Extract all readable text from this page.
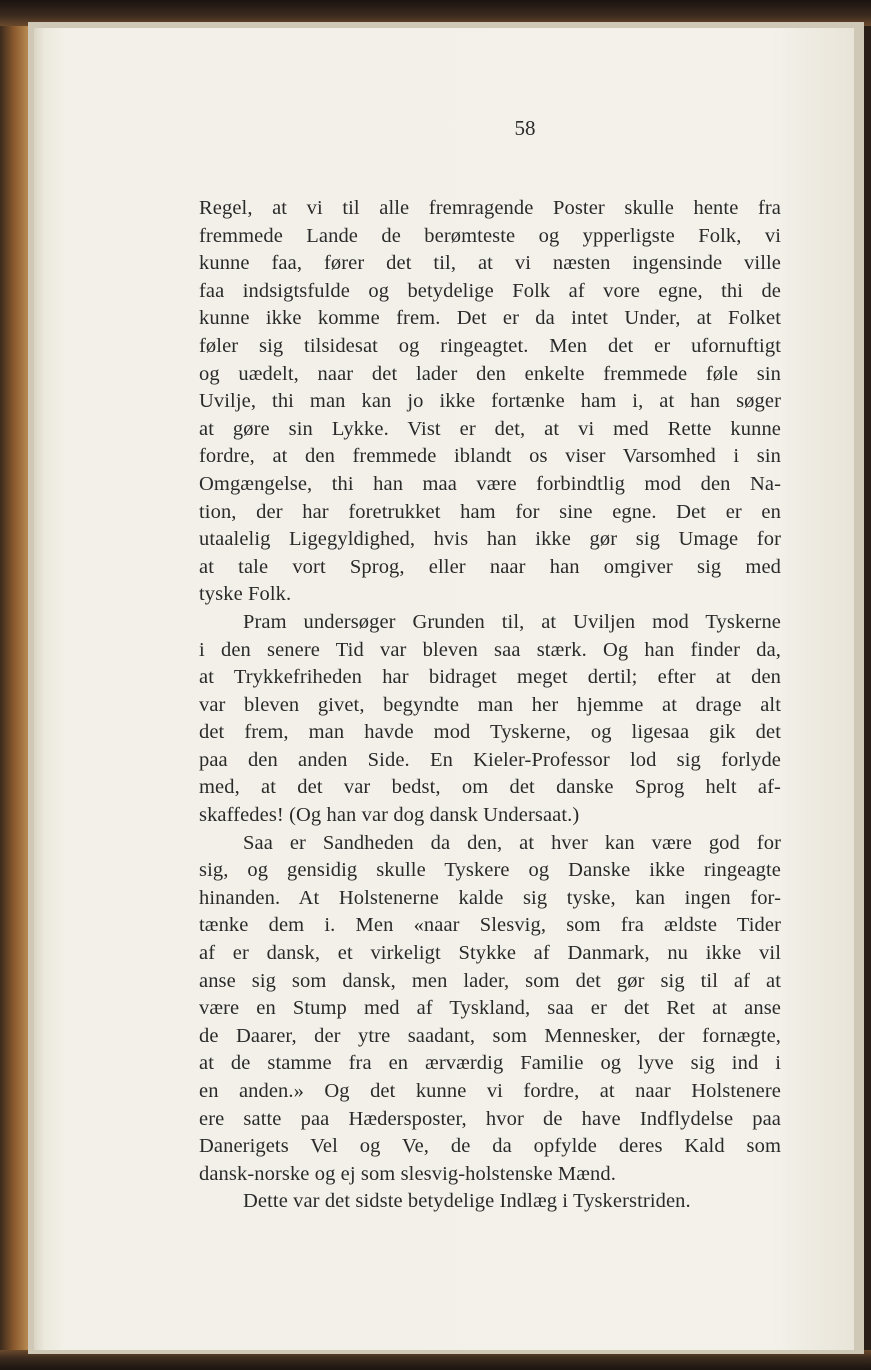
58
Regel, at vi til alle fremragende Poster skulle hente fra
fremmede Lande de berømteste og ypperligste Folk, vi
kunne faa, fører det til, at vi næsten ingensinde ville
faa indsigtsfulde og betydelige Folk af vore egne, thi de
kunne ikke komme frem. Det er da intet Under, at Folket
føler sig tilsidesat og ringeagtet. Men det er ufornuftigt
og uædelt, naar det lader den enkelte fremmede føle sin
Uvilje, thi man kan jo ikke fortænke ham i, at han søger
at gøre sin Lykke. Vist er det, at vi med Rette kunne
fordre, at den fremmede iblandt os viser Varsomhed i sin
Omgængelse, thi han maa være forbindtlig mod den Na-
tion, der har foretrukket ham for sine egne. Det er en
utaalelig Ligegyldighed, hvis han ikke gør sig Umage for
at tale vort Sprog, eller naar han omgiver sig med
tyske Folk.
Pram undersøger Grunden til, at Uviljen mod Tyskerne
i den senere Tid var bleven saa stærk. Og han finder da,
at Trykkefriheden har bidraget meget dertil; efter at den
var bleven givet, begyndte man her hjemme at drage alt
det frem, man havde mod Tyskerne, og ligesaa gik det
paa den anden Side. En Kieler-Professor lod sig forlyde
med, at det var bedst, om det danske Sprog helt af-
skaffedes! (Og han var dog dansk Undersaat.)
Saa er Sandheden da den, at hver kan være god for
sig, og gensidig skulle Tyskere og Danske ikke ringeagte
hinanden. At Holstenerne kalde sig tyske, kan ingen for-
tænke dem i. Men «naar Slesvig, som fra ældste Tider
af er dansk, et virkeligt Stykke af Danmark, nu ikke vil
anse sig som dansk, men lader, som det gør sig til af at
være en Stump med af Tyskland, saa er det Ret at anse
de Daarer, der ytre saadant, som Mennesker, der fornægte,
at de stamme fra en ærværdig Familie og lyve sig ind i
en anden.» Og det kunne vi fordre, at naar Holstenere
ere satte paa Hædersposter, hvor de have Indflydelse paa
Danerigets Vel og Ve, de da opfylde deres Kald som
dansk-norske og ej som slesvig-holstenske Mænd.
Dette var det sidste betydelige Indlæg i Tyskerstriden.
